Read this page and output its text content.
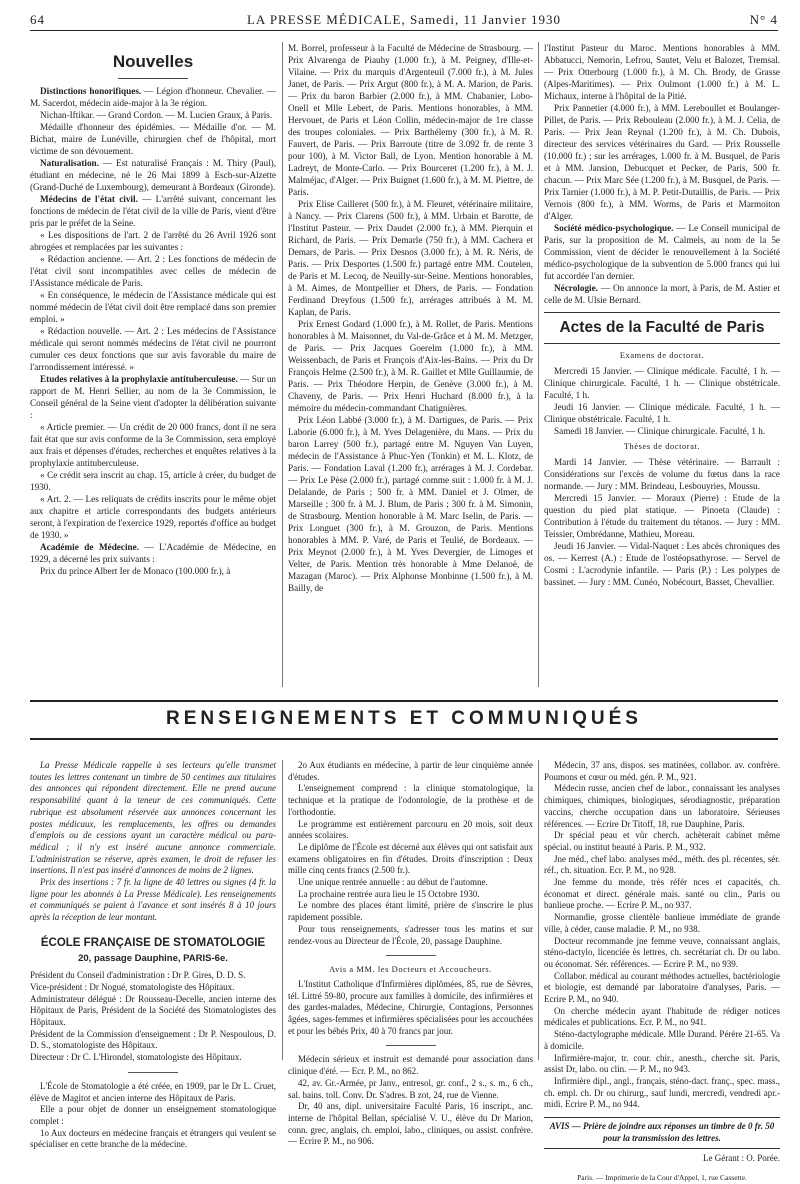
64	LA PRESSE MÉDICALE, Samedi, 11 Janvier 1930	N° 4
Nouvelles

Distinctions honorifiques. — Légion d'honneur. Chevalier. — M. Sacerdot, médecin aide-major à la 3e région.

Nichan-Iftikar. — Grand Cordon. — M. Lucien Graux, à Paris.

Médaille d'honneur des épidémies. — Médaille d'or. — M. Bichat, maire de Lunéville, chirurgien chef de l'hôpital, mort victime de son dévouement.

Naturalisation. — Est naturalisé Français : M. Thiry (Paul), étudiant en médecine, né le 26 Mai 1899 à Esch-sur-Alzette (Grand-Duché de Luxembourg), demeurant à Bordeaux (Gironde).

Médecins de l'état civil. — L'arrêté suivant, concernant les fonctions de médecin de l'état civil de la ville de Paris, vient d'être pris par le préfet de la Seine.

« Les dispositions de l'art. 2 de l'arrêté du 26 Avril 1926 sont abrogées et remplacées par les suivantes :

« Rédaction ancienne. — Art. 2 : Les fonctions de médecin de l'état civil sont incompatibles avec celles de médecin de l'Assistance médicale de Paris.

« En conséquence, le médecin de l'Assistance médicale qui est nommé médecin de l'état civil doit être remplacé dans son premier emploi. »

« Rédaction nouvelle. — Art. 2 : Les médecins de l'Assistance médicale qui seront nommés médecins de l'état civil ne pourront cumuler ces deux fonctions que sur avis favorable du maire de l'arrondissement intéressé. »

Etudes relatives à la prophylaxie antituberculeuse. — Sur un rapport de M. Henri Sellier, au nom de la 3e Commission, le Conseil général de la Seine vient d'adopter la délibération suivante :

« Article premier. — Un crédit de 20 000 francs, dont il ne sera fait état que sur avis conforme de la 3e Commission, sera employé aux frais et dépenses d'études, recherches et enquêtes relatives à la prophylaxie antituberculeuse.

« Ce crédit sera inscrit au chap. 15, article à créer, du budget de 1930.

« Art. 2. — Les reliquats de crédits inscrits pour le même objet aux chapitre et article correspondants des budgets antérieurs seront, à l'expiration de l'exercice 1929, reportés d'office au budget de 1930. »

Académie de Médecine. — L'Académie de Médecine, en 1929, a décerné les prix suivants :

Prix du prince Albert Ier de Monaco (100.000 fr.), à

M. Borrel, professeur à la Faculté de Médecine de Strasbourg. — Prix Alvarenga de Piauhy (1.000 fr.), à M. Peigney, d'Ille-et-Vilaine. — Prix du marquis d'Argenteuil (7.000 fr.), à M. Jules Janet, de Paris. — Prix Argut (800 fr.), à M. A. Marion, de Paris. — Prix du baron Barbier (2.000 fr.), à MM. Chabanier, Lobo-Onell et Mlle Lebert, de Paris. Mentions honorables, à MM. Hervouet, de Paris et Léon Collin, médecin-major de 1re classe des troupes coloniales. — Prix Barthélemy (300 fr.), à M. R. Fauvert, de Paris. — Prix Barroute (titre de 3.092 fr. de rente 3 pour 100), à M. Victor Ball, de Lyon. Mention honorable à M. Ladreyt, de Monte-Carlo. — Prix Bourceret (1.200 fr.), à M. J. Malméjac, d'Alger. — Prix Buignet (1.600 fr.), à M. M. Piettre, de Paris.

Prix Elise Cailleret (500 fr.), à M. Fleuret, vétérinaire militaire, à Nancy. — Prix Clarens (500 fr.), à MM. Urbain et Barotte, de l'Institut Pasteur. — Prix Daudet (2.000 fr.), à MM. Pierquin et Richard, de Paris. — Prix Demarle (750 fr.), à MM. Cachera et Demars, de Paris. — Prix Desnos (3.000 fr.), à M. R. Néris, de Paris. — Prix Desportes (1.500 fr.) partagé entre MM. Coutelen, de Paris et M. Lecoq, de Neuilly-sur-Seine. Mentions honorables, à M. Aimes, de Montpellier et Dhers, de Paris. — Fondation Ferdinand Dreyfous (1.500 fr.), arrérages attribués à M. M. Kaplan, de Paris.

Prix Ernest Godard (1.000 fr.), à M. Rollet, de Paris. Mentions honorables à M. Maisonnet, du Val-de-Grâce et à M. M. Metzger, de Paris. — Prix Jacques Goerelm (1.000 fr.), à MM. Weissenbach, de Paris et François d'Aix-les-Bains. — Prix du Dr François Helme (2.500 fr.), à M. R. Gaillet et Mlle Guillaumie, de Paris. — Prix Théodore Herpin, de Genève (3.000 fr.), à M. Chaveny, de Paris. — Prix Henri Huchard (8.000 fr.), à la mémoire du médecin-commandant Chatignières.

Prix Léon Labbé (3.000 fr.), à M. Dartigues, de Paris. — Prix Laborie (6.000 fr.), à M. Yves Delagenière, du Mans. — Prix du baron Larrey (500 fr.), partagé entre M. Nguyen Van Luyen, médecin de l'Assistance à Phuc-Yen (Tonkin) et M. L. Klotz, de Paris. — Fondation Laval (1.200 fr.), arrérages à M. J. Cordebar. — Prix Le Pèse (2.000 fr.), partagé comme suit : 1.000 fr. à M. J. Delalande, de Paris ; 500 fr. à MM. Daniel et J. Olmer, de Marseille ; 300 fr. à M. J. Blum, de Paris ; 300 fr. à M. Simonin, de Strasbourg. Mention honorable à M. Marc Iselin, de Paris. — Prix Longuet (300 fr.), à M. Grouzon, de Paris. Mentions honorables à MM. P. Varé, de Paris et Teulié, de Bordeaux. — Prix Meynot (2.000 fr.), à M. Yves Devergier, de Limoges et Velter, de Paris. Mention très honorable à Mme Delanoë, de Mazagan (Maroc). — Prix Alphonse Monbinne (1.500 fr.), à M. Bailly, de

l'Institut Pasteur du Maroc. Mentions honorables à MM. Abbatucci, Nemorin, Lefrou, Sautet, Velu et Balozet, Tremsal. — Prix Otterbourg (1.000 fr.), à M. Ch. Brody, de Grasse (Alpes-Maritimes). — Prix Oulmont (1.000 fr.) à M. L. Michaux, interne à l'hôpital de la Pitié.

Prix Pannetier (4.000 fr.), à MM. Lereboullet et Boulanger-Pillet, de Paris. — Prix Rebouleau (2.000 fr.), à M. J. Celia, de Paris. — Prix Jean Reynal (1.200 fr.), à M. Ch. Dubois, directeur des services vétérinaires du Gard. — Prix Rousselle (10.000 fr.) ; sur les arrérages, 1.000 fr. à M. Busquel, de Paris et à MM. Jansion, Debucquet et Pecker, de Paris, 500 fr. chacun. — Prix Marc Sée (1.200 fr.), à M. Busquel, de Paris. — Prix Tarnier (1.000 fr.), à M. P. Petit-Dutaillis, de Paris. — Prix Vernois (800 fr.), à MM. Worms, de Paris et Marmoiton d'Alger.

Société médico-psychologique. — Le Conseil municipal de Paris, sur la proposition de M. Calmels, au nom de la 5e Commission, vient de décider le renouvellement à la Société médico-psychologique de la subvention de 5.000 francs qui lui fut accordée l'an dernier.

Nécrologie. — On annonce la mort, à Paris, de M. Astier et celle de M. Ulsie Bernard.

Actes de la Faculté de Paris
Examens de doctorat.

Mercredi 15 Janvier. — Clinique médicale. Faculté, 1 h. — Clinique chirurgicale. Faculté, 1 h. — Clinique obstétricale. Faculté, 1 h.

Jeudi 16 Janvier. — Clinique médicale. Faculté, 1 h. — Clinique obstétricale. Faculté, 1 h.

Samedi 18 Janvier. — Clinique chirurgicale. Faculté, 1 h.

Thèses de doctorat.

Mardi 14 Janvier. — Thèse vétérinaire. — Barrault : Considérations sur l'excès de volume du fœtus dans la race normande. — Jury : MM. Brindeau, Lesbouyries, Moussu.

Mercredi 15 Janvier. — Moraux (Pierre) : Etude de la question du pied plat statique. — Pinoeta (Claude) : Contribution à l'étude du traitement du tétanos. — Jury : MM. Teissier, Ombrédanne, Mathieu, Moreau.

Jeudi 16 Janvier. — Vidal-Naquet : Les abcès chroniques des os. — Kerrest (A.) : Etude de l'ostéopsathyrose. — Servel de Cosmi : L'acrodynie infantile. — Paris (P.) : Les polypes de bassinet. — Jury : MM. Cunéo, Nobécourt, Basset, Chevallier.

RENSEIGNEMENTS ET COMMUNIQUÉS

La Presse Médicale rappelle à ses lecteurs qu'elle transmet toutes les lettres contenant un timbre de 50 centimes aux titulaires des annonces qui répondent directement. Elle ne prend aucune responsabilité quant à la teneur de ces communiqués. Cette rubrique est absolument réservée aux annonces concernant les postes médicaux, les remplacements, les offres ou demandes d'emplois ou de cessions ayant un caractère médical ou para-médical ; il n'y est inséré aucune annonce commerciale. L'administration se réserve, après examen, le droit de refuser les insertions. Il n'est pas inséré d'annonces de moins de 2 lignes.

Prix des insertions : 7 fr. la ligne de 40 lettres ou signes (4 fr. la ligne pour les abonnés à La Presse Médicale). Les renseignements et communiqués se paient à l'avance et sont insérés 8 à 10 jours après la réception de leur montant.

ÉCOLE FRANÇAISE DE STOMATOLOGIE
20, passage Dauphine, PARIS-6e.

Président du Conseil d'administration : Dr P. Gires, D. D. S.

Vice-président : Dr Nogué, stomatologiste des Hôpitaux.

Administrateur délégué : Dr Rousseau-Decelle, ancien interne des Hôpitaux de Paris, Président de la Société des Stomatologistes des Hôpitaux.

Président de la Commission d'enseignement : Dr P. Nespoulous, D. D. S., stomatologiste des Hôpitaux.

Directeur : Dr C. L'Hirondel, stomatologiste des Hôpitaux.

L'École de Stomatologie a été créée, en 1909, par le Dr L. Cruet, élève de Magitot et ancien interne des Hôpitaux de Paris.

Elle a pour objet de donner un enseignement stomatologique complet :

1o Aux docteurs en médecine français et étrangers qui veulent se spécialiser en cette branche de la médecine.

2o Aux étudiants en médecine, à partir de leur cinquième année d'études.

L'enseignement comprend : la clinique stomatologique, la technique et la pratique de l'odontologie, de la prothèse et de l'orthodontie.

Le programme est entièrement parcouru en 20 mois, soit deux années scolaires.

Le diplôme de l'École est décerné aux élèves qui ont satisfait aux examens obligatoires en fin d'études. Droits d'inscription : Deux mille cinq cents francs (2.500 fr.).

Une unique rentrée annuelle : au début de l'automne.

La prochaine rentrée aura lieu le 15 Octobre 1930.

Le nombre des places étant limité, prière de s'inscrire le plus rapidement possible.

Pour tous renseignements, s'adresser tous les matins et sur rendez-vous au Directeur de l'École, 20, passage Dauphine.

Avis a MM. les Docteurs et Accoucheurs.

L'Institut Catholique d'Infirmières diplômées, 85, rue de Sèvres, tél. Littré 59-80, procure aux familles à domicile, des infirmières et des gardes-malades, Médecine, Chirurgie, Contagions, Personnes âgées, sages-femmes et infirmières spécialisées pour les accouchées et pour les bébés Prix, 40 à 70 francs par jour.

Médecin sérieux et instruit est demandé pour association dans clinique d'été. — Ecr. P. M., no 862.

42, av. Gr.-Armée, pr Janv., entresol, gr. conf., 2 s., s. m., 6 ch., sal. bains. toll. Conv. Dr. S'adres. B zot, 24, rue de Vienne.

Dr, 40 ans, dipl. universitaire Faculté Paris, 16 inscript., anc. interne de l'hôpital Bellan, spécialisé V. U., élève du Dr Marion, conn. grec, anglais, ch. emploi, labo., cliniques, ou assist. confrère. — Ecrire P. M., no 906.

Médecin, 37 ans, dispos. ses matinées, collabor. av. confrère. Poumons et cœur ou méd. gén. P. M., 921.

Médecin russe, ancien chef de labor., connaissant les analyses chimiques, chimiques, biologiques, sérodiagnostic, préparation vaccins, cherche occupation dans un laboratoire. Sérieuses références. — Ecrire Dr Titoff, 18, rue Dauphine, Paris.

Dr spécial peau et vür cherch. achèterait cabinet même spécial. ou institut beauté à Paris. P. M., 932.

Jne méd., chef labo. analyses méd., méth. des pl. récentes, sér. réf., ch. situation. Ecr. P. M., no 928.

Jne femme du monde, très référ nces et capacités, ch. économat et direct. générale mais. santé ou clin., Paris ou banlieue proche. — Ecrire P. M., no 937.

Normandie, grosse clientèle banlieue immédiate de grande ville, à céder, cause maladie. P. M., no 938.

Docteur recommande jne femme veuve, connaissant anglais, sténo-dactylo, licenciée ès lettres, ch. secrétariat ch. Dr ou labo. ou économat. Sér. références. — Ecrire P. M., no 939.

Collabor. médical au courant méthodes actuelles, bactériologie et biologie, est demandé par laboratoire d'analyses, Paris. — Ecrire P. M., no 940.

On cherche médecin ayant l'habitude de rédiger notices médicales et publications. Ecr. P. M., no 941.

Sténo-dactylographe médicale. Mlle Durand. Pérère 21-65. Va à domicile.

Infirmière-major, tr. cour. chir., anesth., cherche sit. Paris, assist Dr, labo. ou clin. — P. M., no 943.

Infirmière dipl., angl., français, sténo-dact. franç., spec. mass., ch. empl. ch. Dr ou chirurg., sauf lundi, mercredi, vendredi apr.-midi. Ecrire P. M., no 944.

AVIS — Prière de joindre aux réponses un timbre de 0 fr. 50 pour la transmission des lettres.
Le Gérant : O. Porée.
Paris. — Imprimerie de la Cour d'Appel, 1, rue Cassette.
